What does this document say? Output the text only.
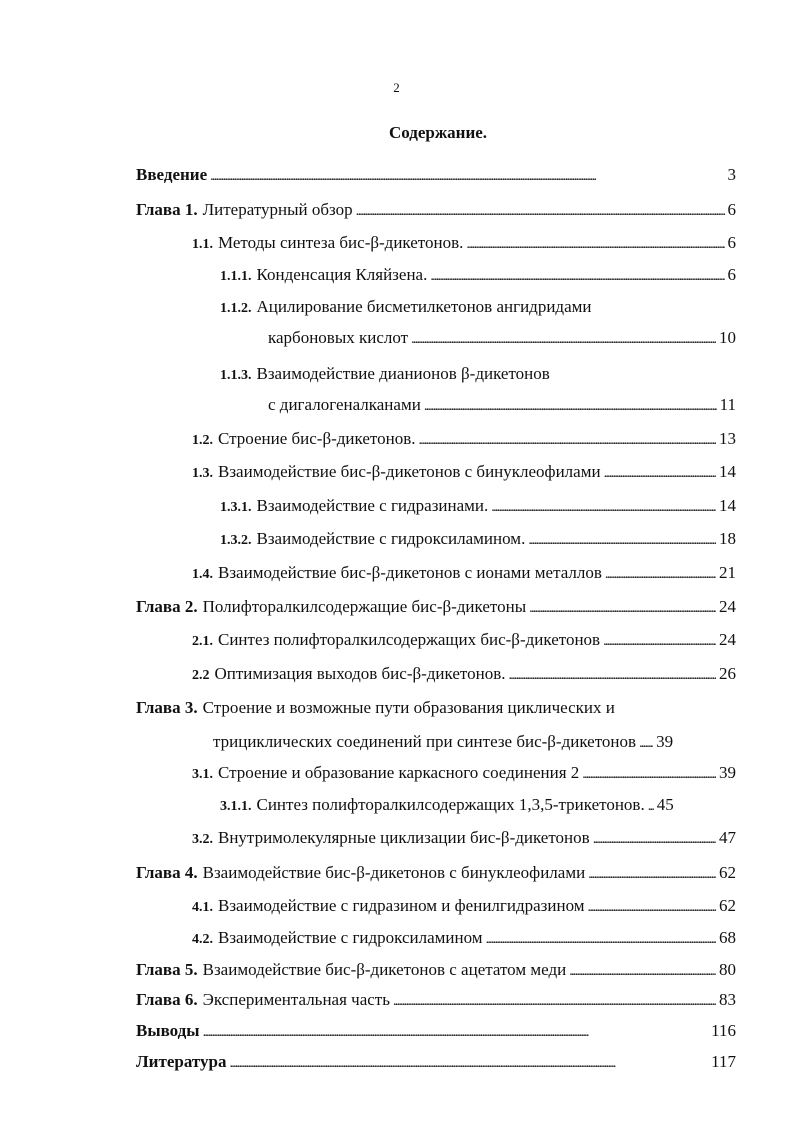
2
Содержание.
Введение . . .	3
Глава 1. Литературный обзор . . .	6
1.1. Методы синтеза бис-β-дикетонов. . . .	6
1.1.1. Конденсация Кляйзена. . . .	6
1.1.2. Ацилирование бисметилкетонов ангидридами
карбоновых кислот . . .	10
1.1.3. Взаимодействие дианионов β-дикетонов
с дигалогеналканами . . .	11
1.2. Строение бис-β-дикетонов. . . .	13
1.3. Взаимодействие бис-β-дикетонов с бинуклеофилами . . .	14
1.3.1. Взаимодействие с гидразинами. . . .	14
1.3.2. Взаимодействие с гидроксиламином. . . .	18
1.4. Взаимодействие бис-β-дикетонов с ионами металлов . . .	21
Глава 2. Полифторалкилсодержащие бис-β-дикетоны . . .	24
2.1. Синтез полифторалкилсодержащих бис-β-дикетонов . . .	24
2.2 Оптимизация выходов бис-β-дикетонов. . . .	26
Глава 3. Строение и возможные пути образования циклических и
трициклических соединений при синтезе бис-β-дикетонов . . . 39
3.1. Строение и образование каркасного соединения 2 . . .	39
3.1.1. Синтез полифторалкилсодержащих 1,3,5-трикетонов. . . . 45
3.2. Внутримолекулярные циклизации бис-β-дикетонов . . .	47
Глава 4. Взаимодействие бис-β-дикетонов с бинуклеофилами . . .	62
4.1. Взаимодействие с гидразином и фенилгидразином . . .	62
4.2. Взаимодействие с гидроксиламином . . .	68
Глава 5. Взаимодействие бис-β-дикетонов с ацетатом меди . . .	80
Глава 6. Экспериментальная часть . . .	83
Выводы . . .	116
Литература . . .	117
